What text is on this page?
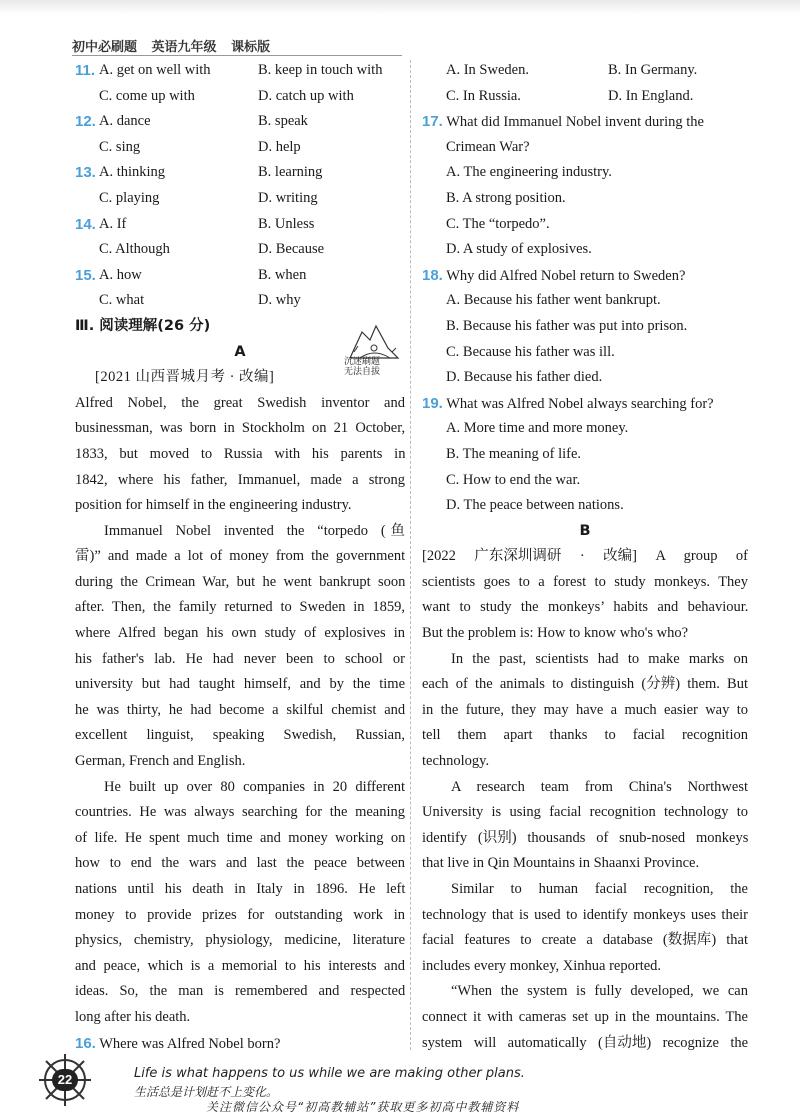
初中必刷题 英语九年级 课标版
11. A. get on well with	B. keep in touch with
C. come up with	D. catch up with
12. A. dance	B. speak
C. sing	D. help
13. A. thinking	B. learning
C. playing	D. writing
14. A. If	B. Unless
C. Although	D. Because
15. A. how	B. when
C. what	D. why
Ⅲ. 阅读理解(26 分)
A
[2021 山西晋城月考 · 改编]
Alfred Nobel, the great Swedish inventor and
businessman, was born in Stockholm on 21 October,
1833, but moved to Russia with his parents in
1842, where his father, Immanuel, made a strong
position for himself in the engineering industry.
Immanuel Nobel invented the “torpedo (鱼
雷)” and made a lot of money from the government
during the Crimean War, but he went bankrupt soon
after. Then, the family returned to Sweden in 1859,
where Alfred began his own study of explosives in
his father's lab. He had never been to school or
university but had taught himself, and by the time
he was thirty, he had become a skilful chemist and
excellent linguist, speaking Swedish, Russian,
German, French and English.
He built up over 80 companies in 20 different
countries. He was always searching for the meaning
of life. He spent much time and money working on
how to end the wars and last the peace between
nations until his death in Italy in 1896. He left
money to provide prizes for outstanding work in
physics, chemistry, physiology, medicine, literature
and peace, which is a memorial to his interests and
ideas. So, the man is remembered and respected
long after his death.
16. Where was Alfred Nobel born?
沉迷刷题
无法自拔
A. In Sweden.	B. In Germany.
C. In Russia.	D. In England.
17. What did Immanuel Nobel invent during the
Crimean War?
A. The engineering industry.
B. A strong position.
C. The “torpedo”.
D. A study of explosives.
18. Why did Alfred Nobel return to Sweden?
A. Because his father went bankrupt.
B. Because his father was put into prison.
C. Because his father was ill.
D. Because his father died.
19. What was Alfred Nobel always searching for?
A. More time and more money.
B. The meaning of life.
C. How to end the war.
D. The peace between nations.
B
[2022 广东深圳调研 · 改编] A group of
scientists goes to a forest to study monkeys. They
want to study the monkeys’ habits and behaviour.
But the problem is: How to know who's who?
In the past, scientists had to make marks on
each of the animals to distinguish (分辨) them. But
in the future, they may have a much easier way to
tell them apart thanks to facial recognition
technology.
A research team from China's Northwest
University is using facial recognition technology to
identify (识别) thousands of snub-nosed monkeys
that live in Qin Mountains in Shaanxi Province.
Similar to human facial recognition, the
technology that is used to identify monkeys uses their
facial features to create a database (数据库) that
includes every monkey, Xinhua reported.
“When the system is fully developed, we can
connect it with cameras set up in the mountains. The
system will automatically (自动地) recognize the
22	Life is what happens to us while we are making other plans.
生活总是计划赶不上变化。
关注微信公众号“初高教辅站”获取更多初高中教辅资料
